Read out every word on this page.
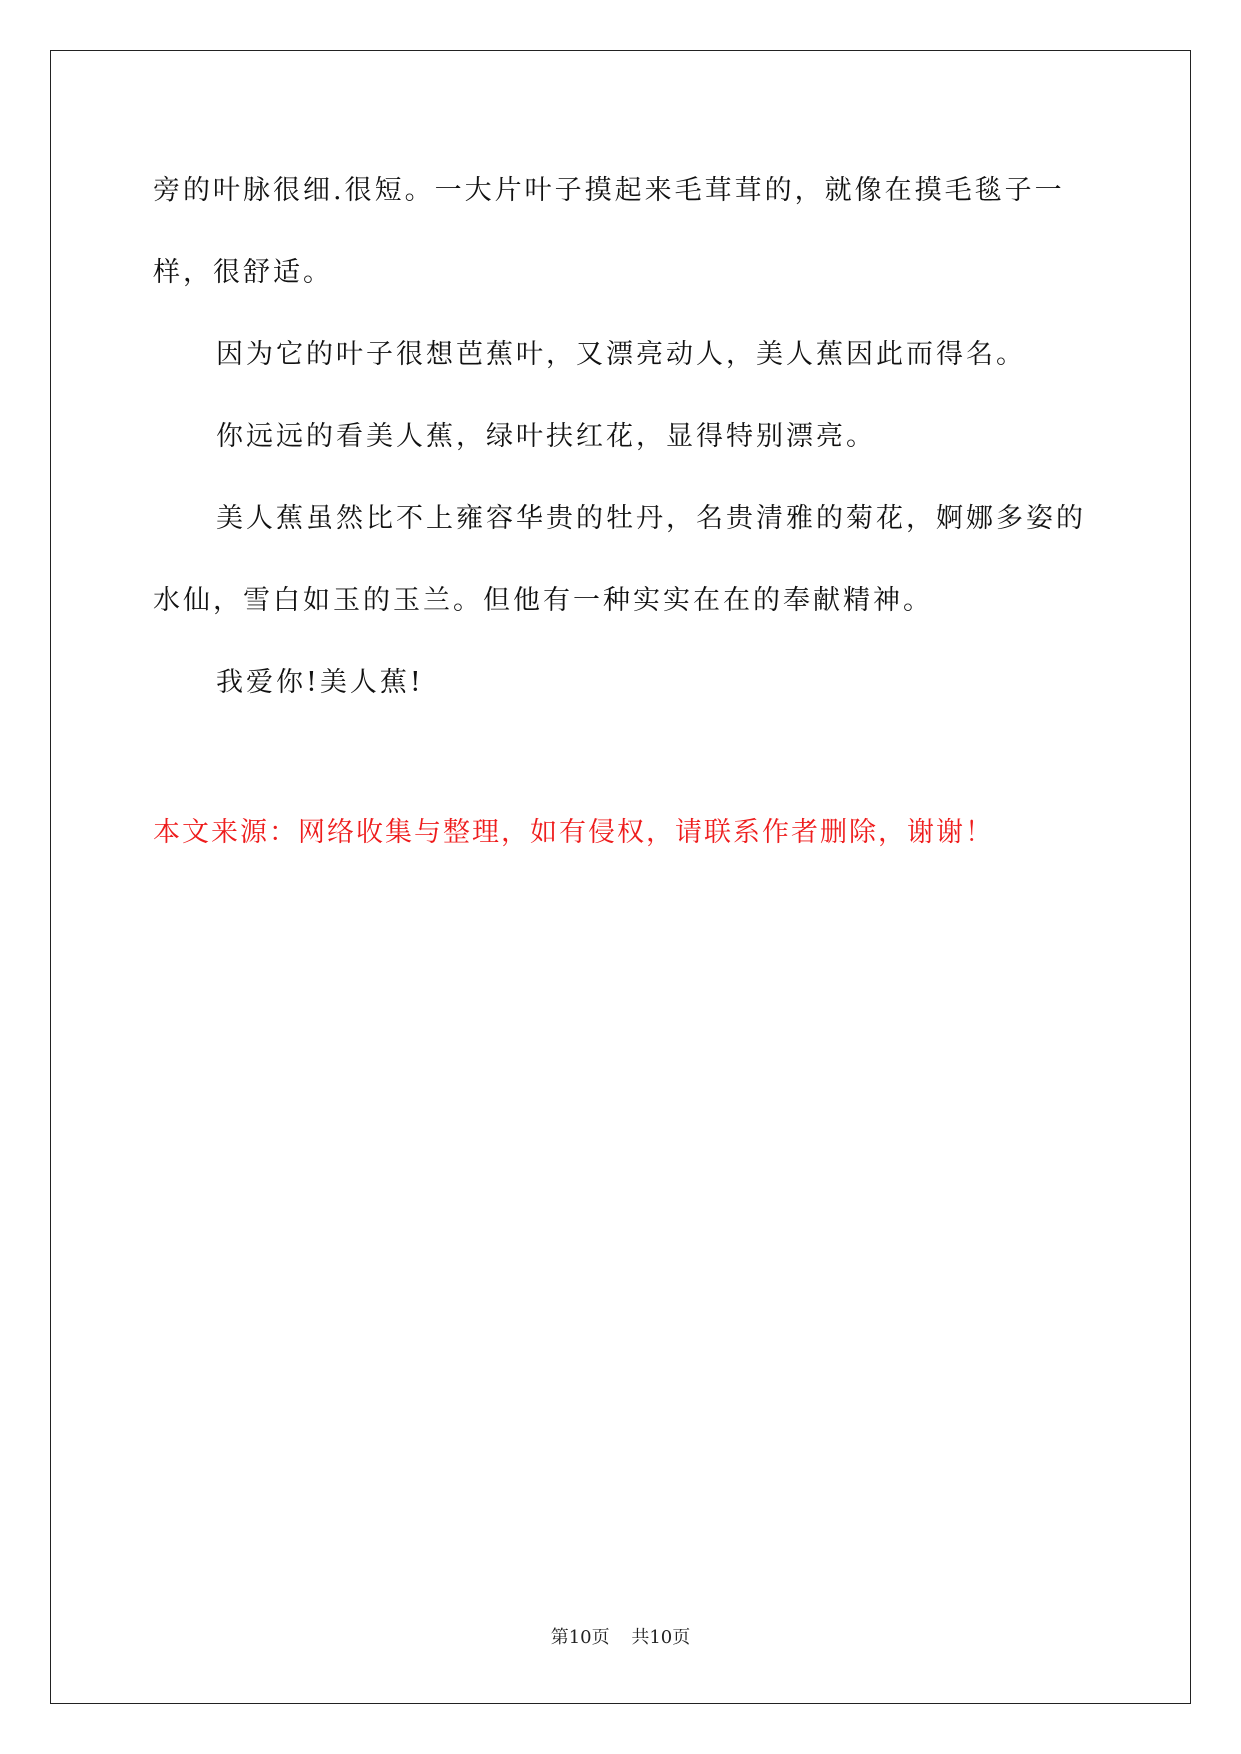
旁的叶脉很细.很短。一大片叶子摸起来毛茸茸的，就像在摸毛毯子一样，很舒适。

因为它的叶子很想芭蕉叶，又漂亮动人，美人蕉因此而得名。

你远远的看美人蕉，绿叶扶红花，显得特别漂亮。

美人蕉虽然比不上雍容华贵的牡丹，名贵清雅的菊花，婀娜多姿的水仙，雪白如玉的玉兰。但他有一种实实在在的奉献精神。

我爱你!美人蕉!

本文来源：网络收集与整理，如有侵权，请联系作者删除，谢谢！

第10页 共10页
